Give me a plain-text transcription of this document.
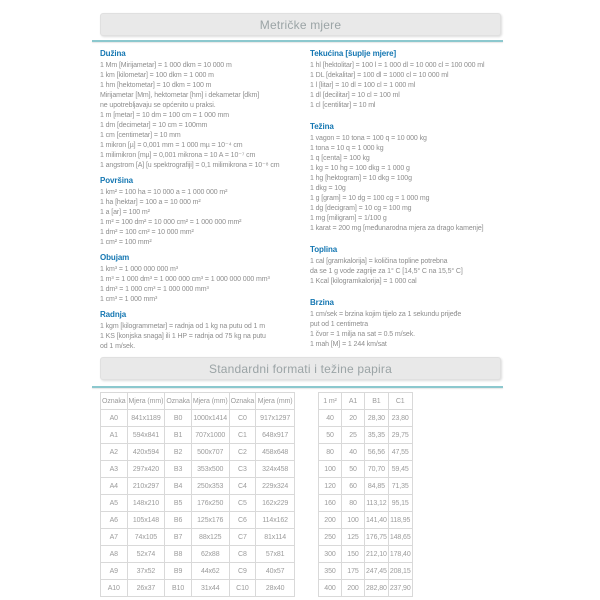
Metričke mjere
Dužina
1 Mm [Mirijametar] = 1 000 dkm = 10 000 m
1 km [kilometar] = 100 dkm = 1 000 m
1 hm [hektometar] = 10 dkm = 100 m
Mirijametar [Mm], hektometar [hm] i dekametar [dkm]
ne upotrebljavaju se općenito u praksi.
1 m [metar] = 10 dm = 100 cm = 1 000 mm
1 dm [decimetar] = 10 cm = 100mm
1 cm [centimetar] = 10 mm
1 mikron [µ] = 0,001 mm = 1 000 mµ = 10⁻⁴ cm
1 milimikron [mµ] = 0,001 mikrona = 10 A = 10⁻⁷ cm
1 angstrom [A] [u spektrografiji] = 0,1 milimikrona = 10⁻⁸ cm
Površina
1 km² = 100 ha = 10 000 a = 1 000 000 m²
1 ha [hektar] = 100 a = 10 000 m²
1 a [ar] = 100 m²
1 m² = 100 dm² = 10 000 cm² = 1 000 000 mm²
1 dm² = 100 cm² = 10 000 mm²
1 cm² = 100 mm²
Obujam
1 km³ = 1 000 000 000 m³
1 m³ = 1 000 dm³ = 1 000 000 cm³ = 1 000 000 000 mm³
1 dm³ = 1 000 cm³ = 1 000 000 mm³
1 cm³ = 1 000 mm³
Radnja
1 kgm [kilogrammetar] = radnja od 1 kg na putu od 1 m
1 KS [konjska snaga] ili 1 HP = radnja od 75 kg na putu
od 1 m/sek.
Tekućina [šuplje mjere]
1 hl [hektolitar] = 100 l = 1 000 dl = 10 000 cl = 100 000 ml
1 DL [dekalitar] = 100 dl = 1000 cl = 10 000 ml
1 l [litar] = 10 dl = 100 cl = 1 000 ml
1 dl [decilitar] = 10 cl = 100 ml
1 cl [centilitar] = 10 ml
Težina
1 vagon = 10 tona = 100 q = 10 000 kg
1 tona = 10 q = 1 000 kg
1 q [centa] = 100 kg
1 kg = 10 hg = 100 dkg = 1 000 g
1 hg [hektogram] = 10 dkg = 100g
1 dkg = 10g
1 g [gram] = 10 dg = 100 cg = 1 000 mg
1 dg [decigram] = 10 cg = 100 mg
1 mg [miligram] = 1/100 g
1 karat = 200 mg [međunarodna mjera za drago kamenje]
Toplina
1 cal [gramkalorija] = količina topline potrebna
da se 1 g vode zagrije za 1° C [14,5° C na 15,5° C]
1 Kcal [kilogramkalorija] = 1 000 cal
Brzina
1 cm/sek = brzina kojim tijelo za 1 sekundu prijeđe
put od 1 centimetra
1 čvor = 1 milja na sat = 0.5 m/sek.
1 mah [M] = 1 244 km/sat
Standardni formati i težine papira
Oznaka	Mjera (mm)	Oznaka	Mjera (mm)	Oznaka	Mjera (mm)
A0	841x1189	B0	1000x1414	C0	917x1297
A1	594x841	B1	707x1000	C1	648x917
A2	420x594	B2	500x707	C2	458x648
A3	297x420	B3	353x500	C3	324x458
A4	210x297	B4	250x353	C4	229x324
A5	148x210	B5	176x250	C5	162x229
A6	105x148	B6	125x176	C6	114x162
A7	74x105	B7	88x125	C7	81x114
A8	52x74	B8	62x88	C8	57x81
A9	37x52	B9	44x62	C9	40x57
A10	26x37	B10	31x44	C10	28x40
1 m²	A1	B1	C1
40	20	28,30	23,80
50	25	35,35	29,75
80	40	56,56	47,55
100	50	70,70	59,45
120	60	84,85	71,35
160	80	113,12	95,15
200	100	141,40	118,95
250	125	176,75	148,65
300	150	212,10	178,40
350	175	247,45	208,15
400	200	282,80	237,90
